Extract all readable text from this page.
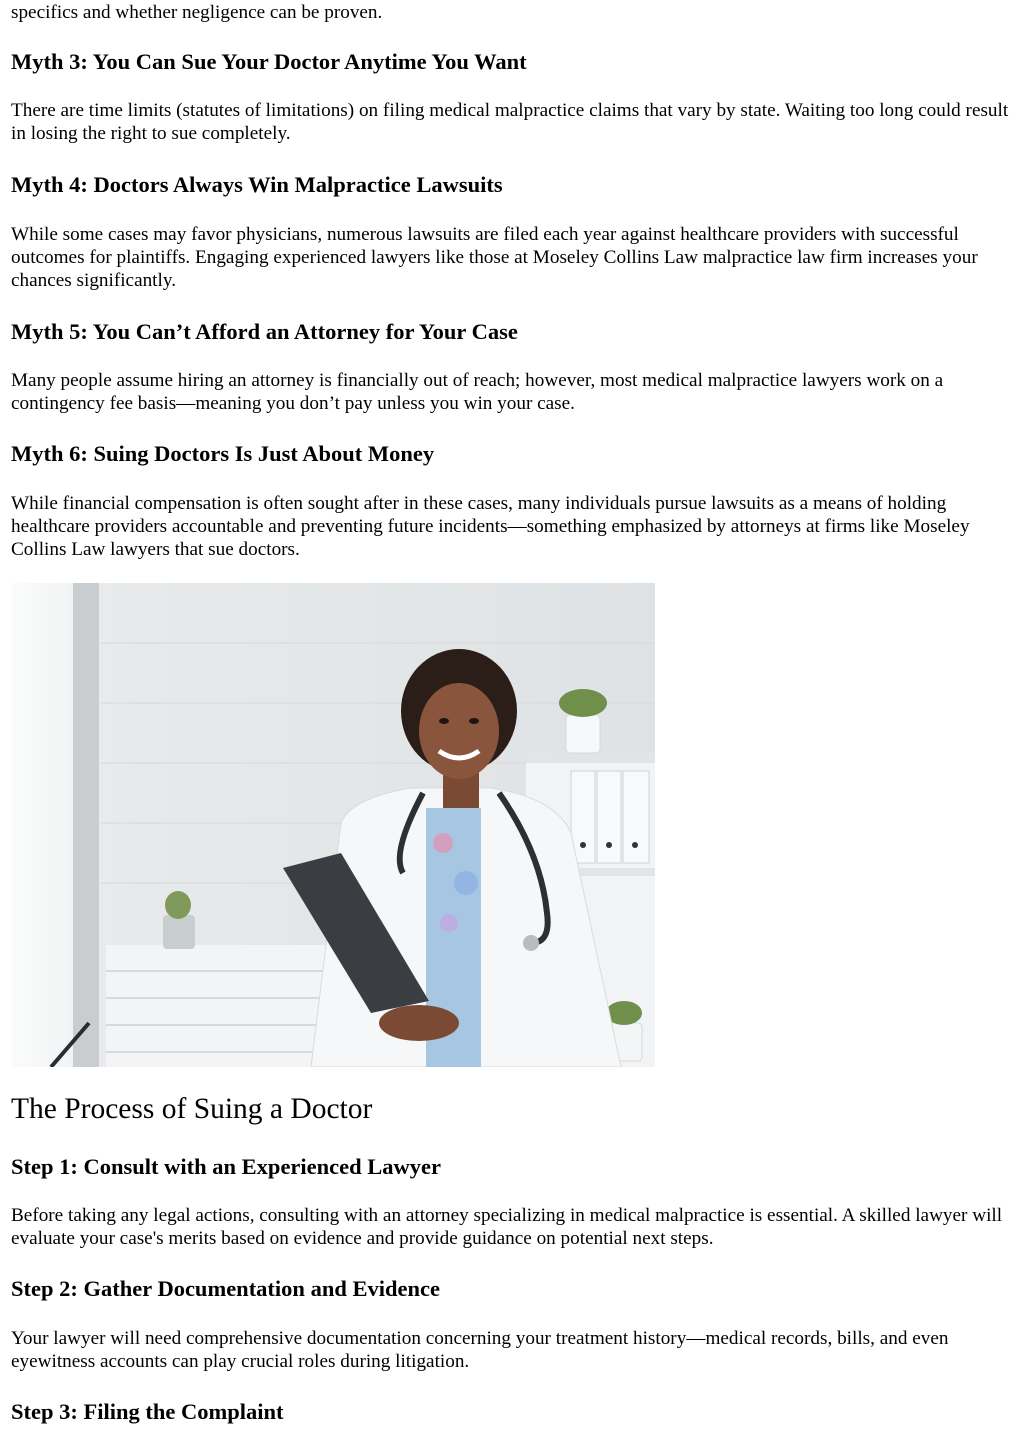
specifics and whether negligence can be proven.

Myth 3: You Can Sue Your Doctor Anytime You Want

There are time limits (statutes of limitations) on filing medical malpractice claims that vary by state. Waiting too long could result in losing the right to sue completely.

Myth 4: Doctors Always Win Malpractice Lawsuits

While some cases may favor physicians, numerous lawsuits are filed each year against healthcare providers with successful outcomes for plaintiffs. Engaging experienced lawyers like those at Moseley Collins Law malpractice law firm increases your chances significantly.

Myth 5: You Can’t Afford an Attorney for Your Case

Many people assume hiring an attorney is financially out of reach; however, most medical malpractice lawyers work on a contingency fee basis—meaning you don’t pay unless you win your case.

Myth 6: Suing Doctors Is Just About Money

While financial compensation is often sought after in these cases, many individuals pursue lawsuits as a means of holding healthcare providers accountable and preventing future incidents—something emphasized by attorneys at firms like Moseley Collins Law lawyers that sue doctors.

The Process of Suing a Doctor
Step 1: Consult with an Experienced Lawyer

Before taking any legal actions, consulting with an attorney specializing in medical malpractice is essential. A skilled lawyer will evaluate your case's merits based on evidence and provide guidance on potential next steps.

Step 2: Gather Documentation and Evidence

Your lawyer will need comprehensive documentation concerning your treatment history—medical records, bills, and even eyewitness accounts can play crucial roles during litigation.

Step 3: Filing the Complaint
